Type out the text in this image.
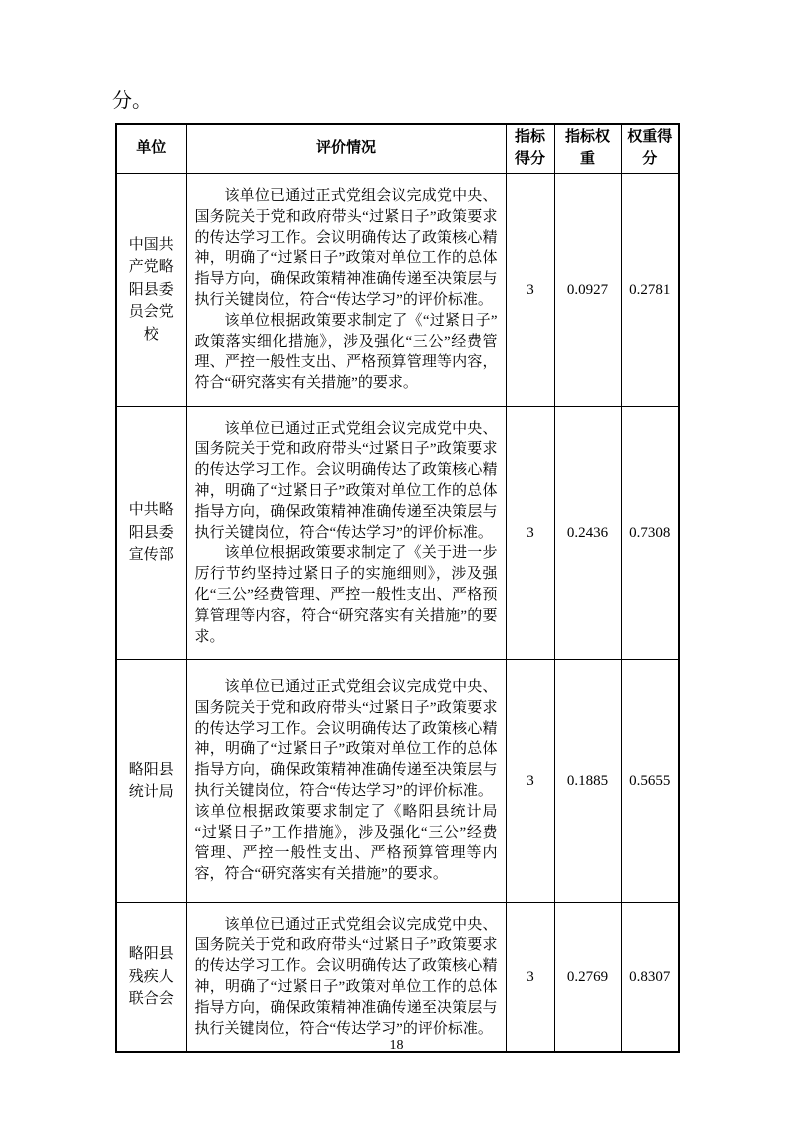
分。
单位	评价情况	指标得分	指标权重	权重得分
中国共产党略阳县委员会党校	该单位已通过正式党组会议完成党中央、国务院关于党和政府带头“过紧日子”政策要求的传达学习工作。会议明确传达了政策核心精神，明确了“过紧日子”政策对单位工作的总体指导方向，确保政策精神准确传递至决策层与执行关键岗位，符合“传达学习”的评价标准。

该单位根据政策要求制定了《“过紧日子”政策落实细化措施》，涉及强化“三公”经费管理、严控一般性支出、严格预算管理等内容，符合“研究落实有关措施”的要求。	3	0.0927	0.2781
中共略阳县委宣传部	该单位已通过正式党组会议完成党中央、国务院关于党和政府带头“过紧日子”政策要求的传达学习工作。会议明确传达了政策核心精神，明确了“过紧日子”政策对单位工作的总体指导方向，确保政策精神准确传递至决策层与执行关键岗位，符合“传达学习”的评价标准。

该单位根据政策要求制定了《关于进一步厉行节约坚持过紧日子的实施细则》，涉及强化“三公”经费管理、严控一般性支出、严格预算管理等内容，符合“研究落实有关措施”的要求。	3	0.2436	0.7308
略阳县统计局	该单位已通过正式党组会议完成党中央、国务院关于党和政府带头“过紧日子”政策要求的传达学习工作。会议明确传达了政策核心精神，明确了“过紧日子”政策对单位工作的总体指导方向，确保政策精神准确传递至决策层与执行关键岗位，符合“传达学习”的评价标准。

该单位根据政策要求制定了《略阳县统计局“过紧日子”工作措施》，涉及强化“三公”经费管理、严控一般性支出、严格预算管理等内容，符合“研究落实有关措施”的要求。	3	0.1885	0.5655
略阳县残疾人联合会	该单位已通过正式党组会议完成党中央、国务院关于党和政府带头“过紧日子”政策要求的传达学习工作。会议明确传达了政策核心精神，明确了“过紧日子”政策对单位工作的总体指导方向，确保政策精神准确传递至决策层与执行关键岗位，符合“传达学习”的评价标准。	3	0.2769	0.8307
18
